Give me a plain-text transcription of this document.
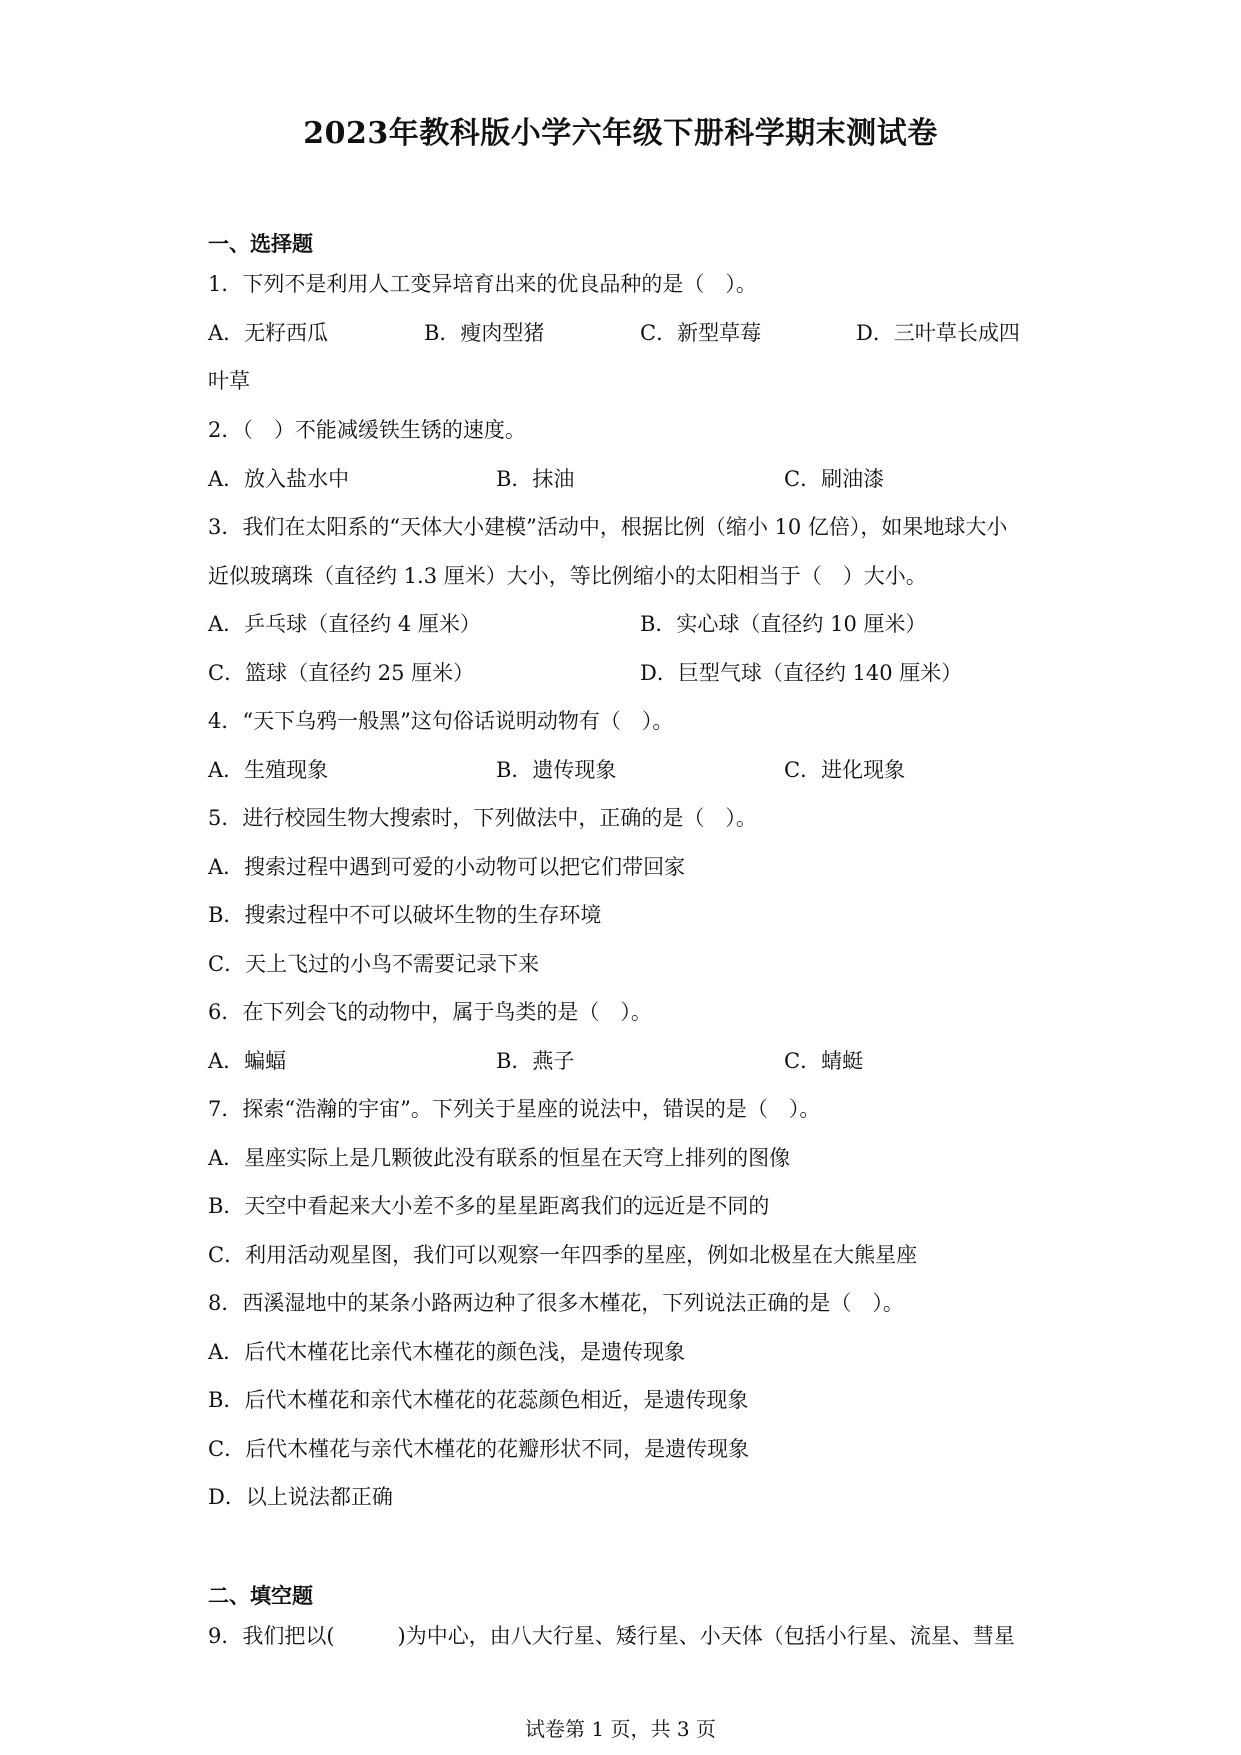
2023年教科版小学六年级下册科学期末测试卷
一、选择题
1．下列不是利用人工变异培育出来的优良品种的是（　）。
A．无籽西瓜	B．瘦肉型猪	C．新型草莓	D．三叶草长成四
叶草
2．（　）不能减缓铁生锈的速度。
A．放入盐水中	B．抹油	C．刷油漆
3．我们在太阳系的“天体大小建模”活动中，根据比例（缩小 10 亿倍），如果地球大小
近似玻璃珠（直径约 1.3 厘米）大小，等比例缩小的太阳相当于（　）大小。
A．乒乓球（直径约 4 厘米）	B．实心球（直径约 10 厘米）
C．篮球（直径约 25 厘米）	D．巨型气球（直径约 140 厘米）
4．“天下乌鸦一般黑”这句俗话说明动物有（　）。
A．生殖现象	B．遗传现象	C．进化现象
5．进行校园生物大搜索时，下列做法中，正确的是（　）。
A．搜索过程中遇到可爱的小动物可以把它们带回家
B．搜索过程中不可以破坏生物的生存环境
C．天上飞过的小鸟不需要记录下来
6．在下列会飞的动物中，属于鸟类的是（　）。
A．蝙蝠	B．燕子	C．蜻蜓
7．探索“浩瀚的宇宙”。下列关于星座的说法中，错误的是（　）。
A．星座实际上是几颗彼此没有联系的恒星在天穹上排列的图像
B．天空中看起来大小差不多的星星距离我们的远近是不同的
C．利用活动观星图，我们可以观察一年四季的星座，例如北极星在大熊星座
8．西溪湿地中的某条小路两边种了很多木槿花，下列说法正确的是（　）。
A．后代木槿花比亲代木槿花的颜色浅，是遗传现象
B．后代木槿花和亲代木槿花的花蕊颜色相近，是遗传现象
C．后代木槿花与亲代木槿花的花瓣形状不同，是遗传现象
D．以上说法都正确
二、填空题
9．我们把以(　　　)为中心，由八大行星、矮行星、小天体（包括小行星、流星、彗星
试卷第 1 页，共 3 页
